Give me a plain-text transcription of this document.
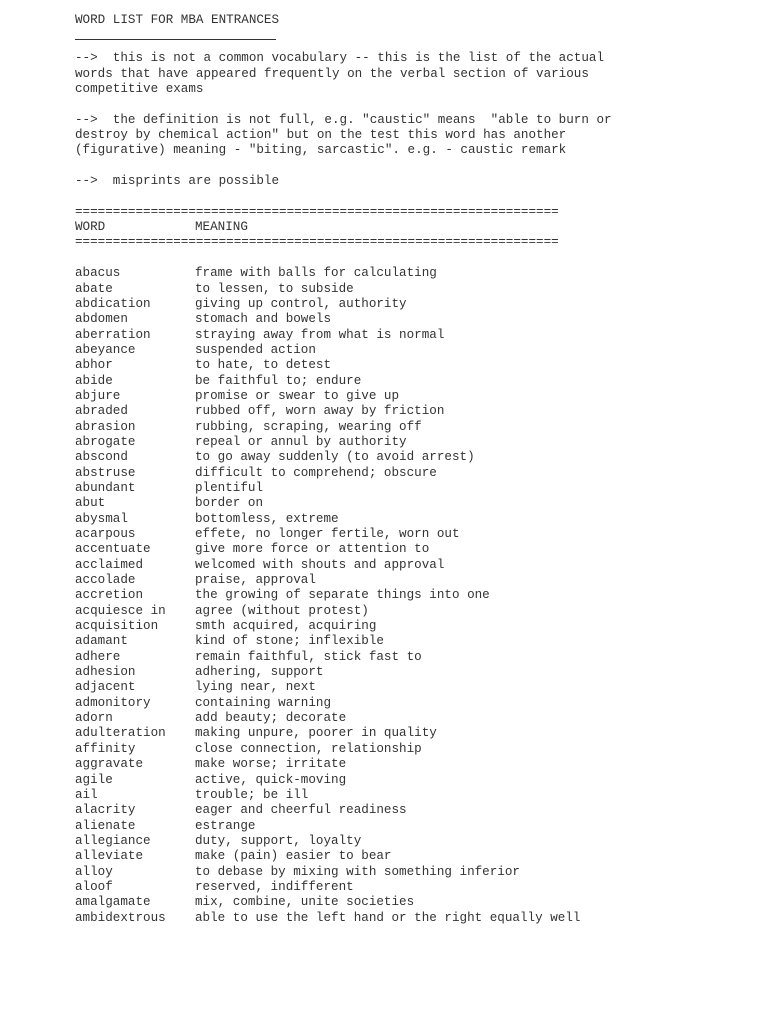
WORD LIST FOR MBA ENTRANCES
-->  this is not a common vocabulary -- this is the list of the actual
words that have appeared frequently on the verbal section of various
competitive exams
-->  the definition is not full, e.g. "caustic" means  "able to burn or
destroy by chemical action" but on the test this word has another
(figurative) meaning - "biting, sarcastic". e.g. - caustic remark
-->  misprints are possible
================================================================
WORD	MEANING
================================================================
abacus	frame with balls for calculating
abate	to lessen, to subside
abdication	giving up control, authority
abdomen	stomach and bowels
aberration	straying away from what is normal
abeyance	suspended action
abhor	to hate, to detest
abide	be faithful to; endure
abjure	promise or swear to give up
abraded	rubbed off, worn away by friction
abrasion	rubbing, scraping, wearing off
abrogate	repeal or annul by authority
abscond	to go away suddenly (to avoid arrest)
abstruse	difficult to comprehend; obscure
abundant	plentiful
abut	border on
abysmal	bottomless, extreme
acarpous	effete, no longer fertile, worn out
accentuate	give more force or attention to
acclaimed	welcomed with shouts and approval
accolade	praise, approval
accretion	the growing of separate things into one
acquiesce in	agree (without protest)
acquisition	smth acquired, acquiring
adamant	kind of stone; inflexible
adhere	remain faithful, stick fast to
adhesion	adhering, support
adjacent	lying near, next
admonitory	containing warning
adorn	add beauty; decorate
adulteration	making unpure, poorer in quality
affinity	close connection, relationship
aggravate	make worse; irritate
agile	active, quick-moving
ail	trouble; be ill
alacrity	eager and cheerful readiness
alienate	estrange
allegiance	duty, support, loyalty
alleviate	make (pain) easier to bear
alloy	to debase by mixing with something inferior
aloof	reserved, indifferent
amalgamate	mix, combine, unite societies
ambidextrous	able to use the left hand or the right equally well
